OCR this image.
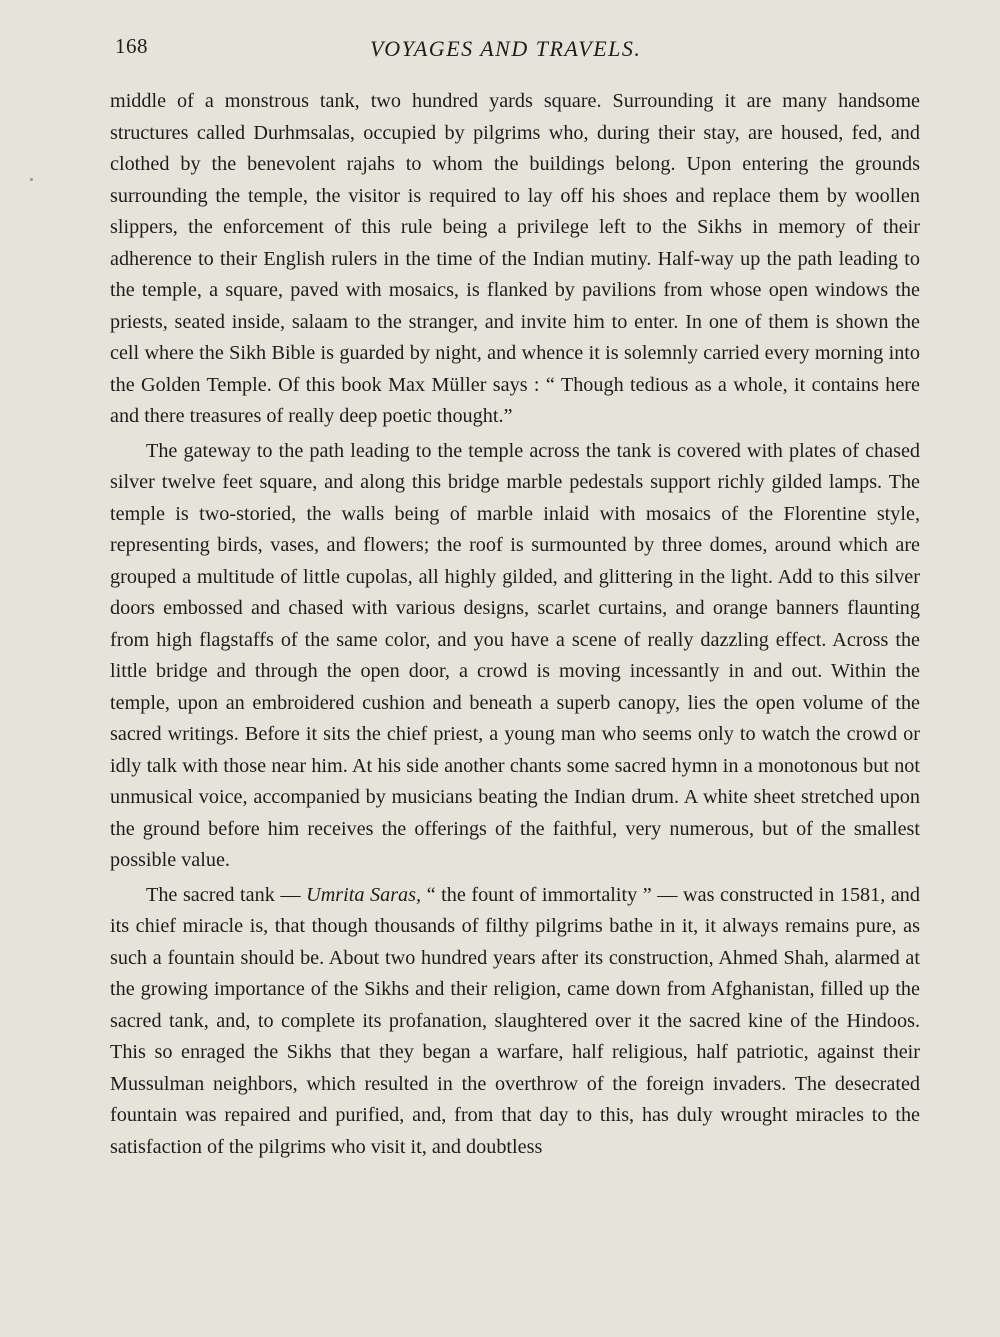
168	VOYAGES AND TRAVELS.

middle of a monstrous tank, two hundred yards square. Surrounding it are many handsome structures called Durhmsalas, occupied by pilgrims who, during their stay, are housed, fed, and clothed by the benevolent rajahs to whom the buildings belong. Upon entering the grounds surrounding the temple, the visitor is required to lay off his shoes and replace them by woollen slippers, the enforcement of this rule being a privilege left to the Sikhs in memory of their adherence to their English rulers in the time of the Indian mutiny. Half-way up the path leading to the temple, a square, paved with mosaics, is flanked by pavilions from whose open windows the priests, seated inside, salaam to the stranger, and invite him to enter. In one of them is shown the cell where the Sikh Bible is guarded by night, and whence it is solemnly carried every morning into the Golden Temple. Of this book Max Müller says : “ Though tedious as a whole, it contains here and there treasures of really deep poetic thought.”

The gateway to the path leading to the temple across the tank is covered with plates of chased silver twelve feet square, and along this bridge marble pedestals support richly gilded lamps. The temple is two-storied, the walls being of marble inlaid with mosaics of the Florentine style, representing birds, vases, and flowers; the roof is surmounted by three domes, around which are grouped a multitude of little cupolas, all highly gilded, and glittering in the light. Add to this silver doors embossed and chased with various designs, scarlet curtains, and orange banners flaunting from high flagstaffs of the same color, and you have a scene of really dazzling effect. Across the little bridge and through the open door, a crowd is moving incessantly in and out. Within the temple, upon an embroidered cushion and beneath a superb canopy, lies the open volume of the sacred writings. Before it sits the chief priest, a young man who seems only to watch the crowd or idly talk with those near him. At his side another chants some sacred hymn in a monotonous but not unmusical voice, accompanied by musicians beating the Indian drum. A white sheet stretched upon the ground before him receives the offerings of the faithful, very numerous, but of the smallest possible value.

The sacred tank — Umrita Saras, “ the fount of immortality ” — was constructed in 1581, and its chief miracle is, that though thousands of filthy pilgrims bathe in it, it always remains pure, as such a fountain should be. About two hundred years after its construction, Ahmed Shah, alarmed at the growing importance of the Sikhs and their religion, came down from Afghanistan, filled up the sacred tank, and, to complete its profanation, slaughtered over it the sacred kine of the Hindoos. This so enraged the Sikhs that they began a warfare, half religious, half patriotic, against their Mussulman neighbors, which resulted in the overthrow of the foreign invaders. The desecrated fountain was repaired and purified, and, from that day to this, has duly wrought miracles to the satisfaction of the pilgrims who visit it, and doubtless
